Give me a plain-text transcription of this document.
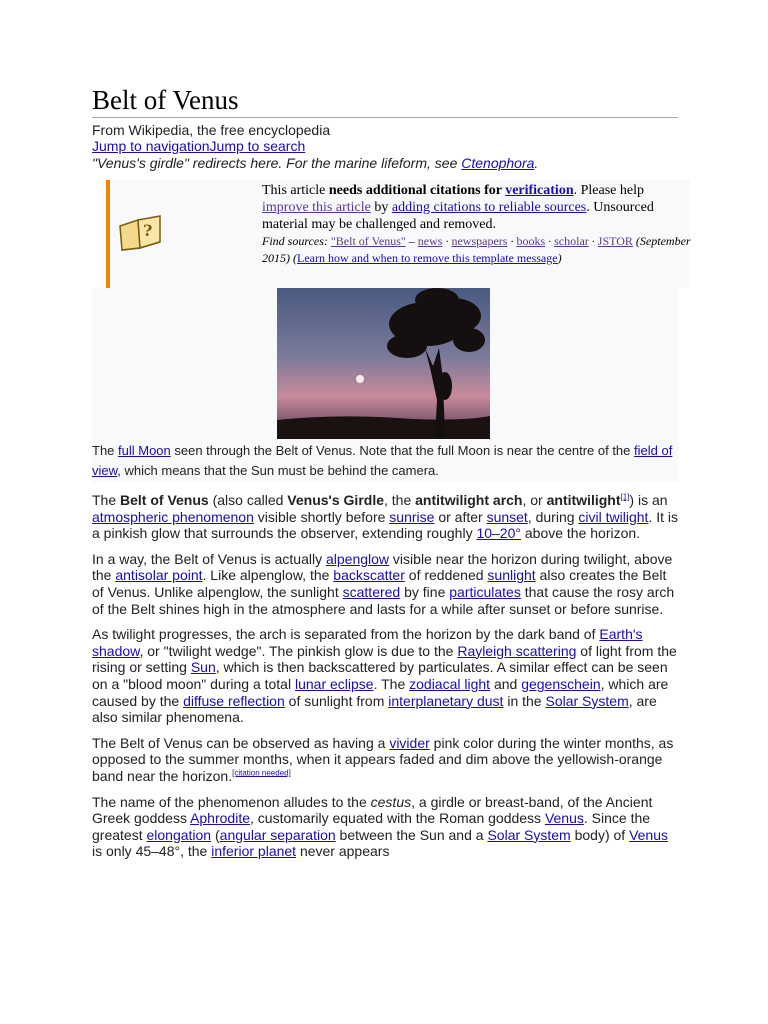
Belt of Venus
From Wikipedia, the free encyclopedia
Jump to navigationJump to search
"Venus's girdle" redirects here. For the marine lifeform, see Ctenophora.
?
This article needs additional citations for verification. Please help improve this article by adding citations to reliable sources. Unsourced material may be challenged and removed.
Find sources: "Belt of Venus" – news · newspapers · books · scholar · JSTOR (September 2015) (Learn how and when to remove this template message)
The full Moon seen through the Belt of Venus. Note that the full Moon is near the centre of the field of view, which means that the Sun must be behind the camera.

The Belt of Venus (also called Venus's Girdle, the antitwilight arch, or antitwilight[1]) is an atmospheric phenomenon visible shortly before sunrise or after sunset, during civil twilight. It is a pinkish glow that surrounds the observer, extending roughly 10–20° above the horizon.

In a way, the Belt of Venus is actually alpenglow visible near the horizon during twilight, above the antisolar point. Like alpenglow, the backscatter of reddened sunlight also creates the Belt of Venus. Unlike alpenglow, the sunlight scattered by fine particulates that cause the rosy arch of the Belt shines high in the atmosphere and lasts for a while after sunset or before sunrise.

As twilight progresses, the arch is separated from the horizon by the dark band of Earth's shadow, or "twilight wedge". The pinkish glow is due to the Rayleigh scattering of light from the rising or setting Sun, which is then backscattered by particulates. A similar effect can be seen on a "blood moon" during a total lunar eclipse. The zodiacal light and gegenschein, which are caused by the diffuse reflection of sunlight from interplanetary dust in the Solar System, are also similar phenomena.

The Belt of Venus can be observed as having a vivider pink color during the winter months, as opposed to the summer months, when it appears faded and dim above the yellowish-orange band near the horizon.[citation needed]

The name of the phenomenon alludes to the cestus, a girdle or breast-band, of the Ancient Greek goddess Aphrodite, customarily equated with the Roman goddess Venus. Since the greatest elongation (angular separation between the Sun and a Solar System body) of Venus is only 45–48°, the inferior planet never appears
